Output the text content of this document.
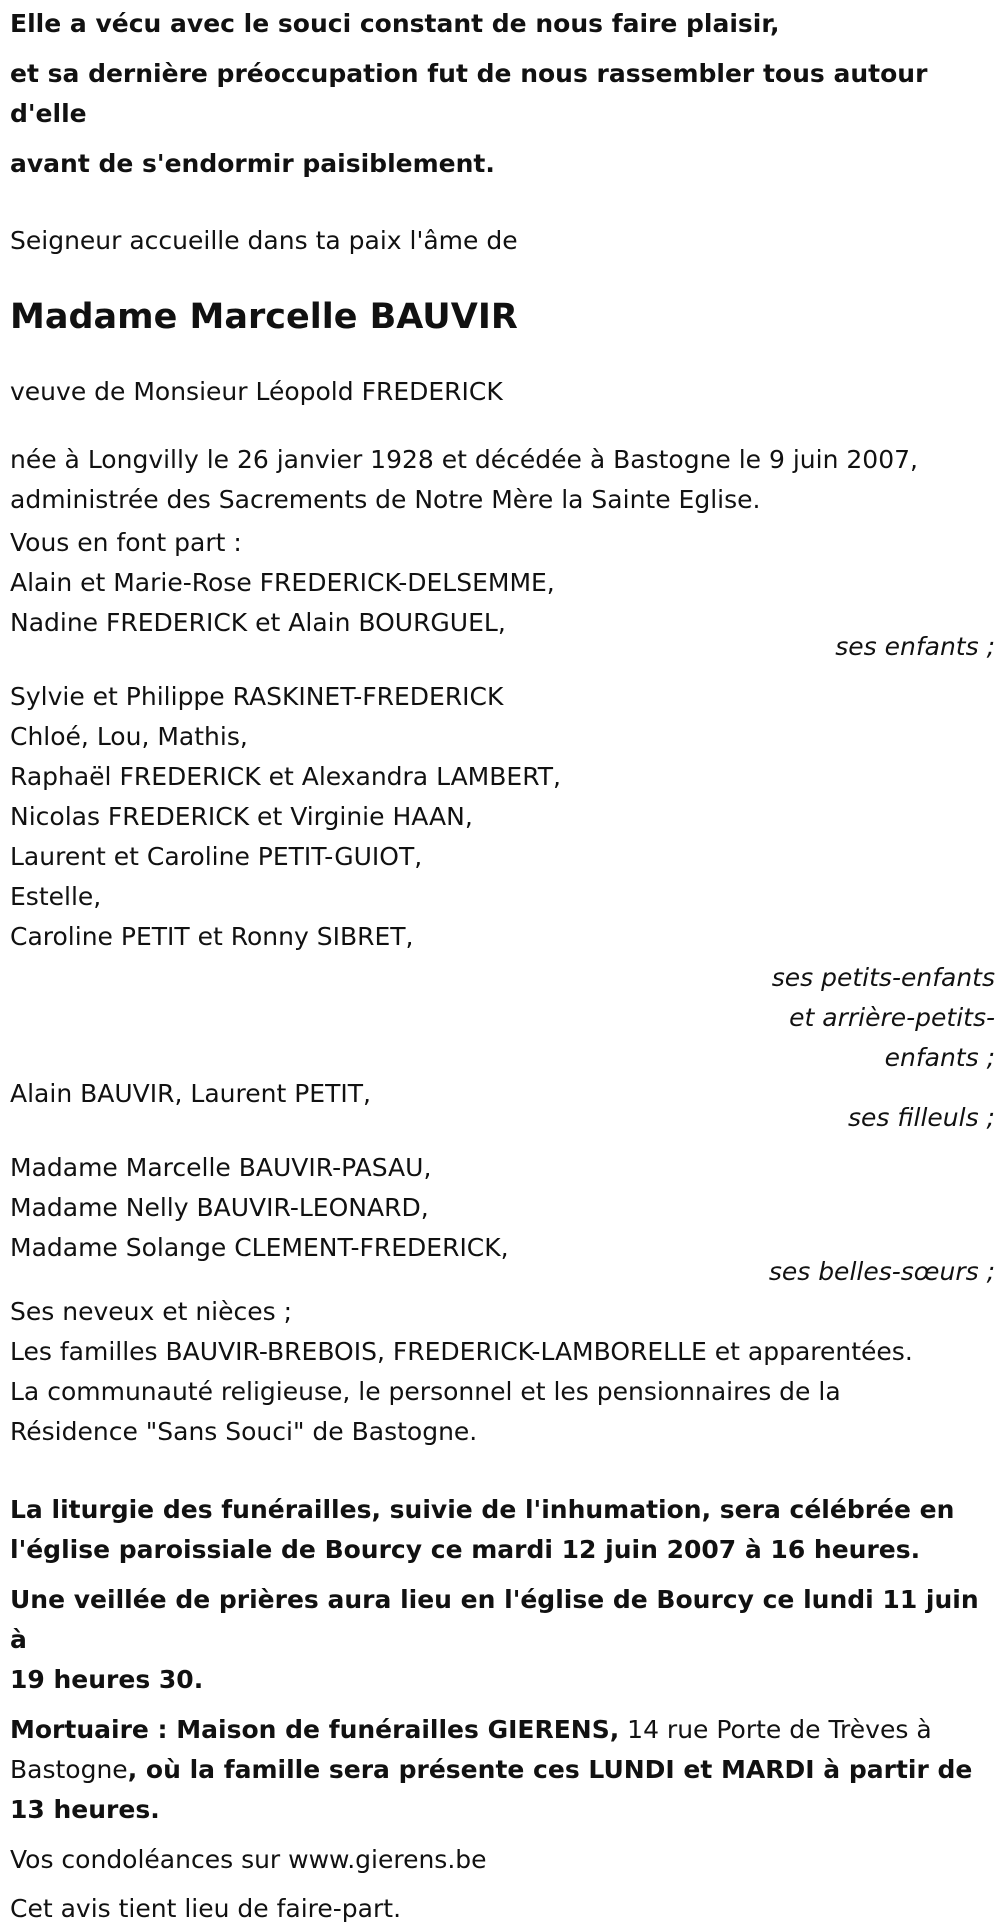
Elle a vécu avec le souci constant de nous faire plaisir,

et sa dernière préoccupation fut de nous rassembler tous autour d'elle

avant de s'endormir paisiblement.

Seigneur accueille dans ta paix l'âme de

Madame Marcelle BAUVIR

veuve de Monsieur Léopold FREDERICK

née à Longvilly le 26 janvier 1928 et décédée à Bastogne le 9 juin 2007,

administrée des Sacrements de Notre Mère la Sainte Eglise.

Vous en font part :

Alain et Marie-Rose FREDERICK-DELSEMME,

Nadine FREDERICK et Alain BOURGUEL,

ses enfants ;

Sylvie et Philippe RASKINET-FREDERICK

Chloé, Lou, Mathis,

Raphaël FREDERICK et Alexandra LAMBERT,

Nicolas FREDERICK et Virginie HAAN,

Laurent et Caroline PETIT-GUIOT,

Estelle,

Caroline PETIT et Ronny SIBRET,

ses petits-enfants

et arrière-petits-

enfants ;

Alain BAUVIR, Laurent PETIT,

ses filleuls ;

Madame Marcelle BAUVIR-PASAU,

Madame Nelly BAUVIR-LEONARD,

Madame Solange CLEMENT-FREDERICK,

ses belles-sœurs ;

Ses neveux et nièces ;

Les familles BAUVIR-BREBOIS, FREDERICK-LAMBORELLE et apparentées.

La communauté religieuse, le personnel et les pensionnaires de la

Résidence "Sans Souci" de Bastogne.

La liturgie des funérailles, suivie de l'inhumation, sera célébrée en

l'église paroissiale de Bourcy ce mardi 12 juin 2007 à 16 heures.

Une veillée de prières aura lieu en l'église de Bourcy ce lundi 11 juin à

19 heures 30.

Mortuaire : Maison de funérailles GIERENS, 14 rue Porte de Trèves à

Bastogne, où la famille sera présente ces LUNDI et MARDI à partir de

13 heures.

Vos condoléances sur www.gierens.be

Cet avis tient lieu de faire-part.
